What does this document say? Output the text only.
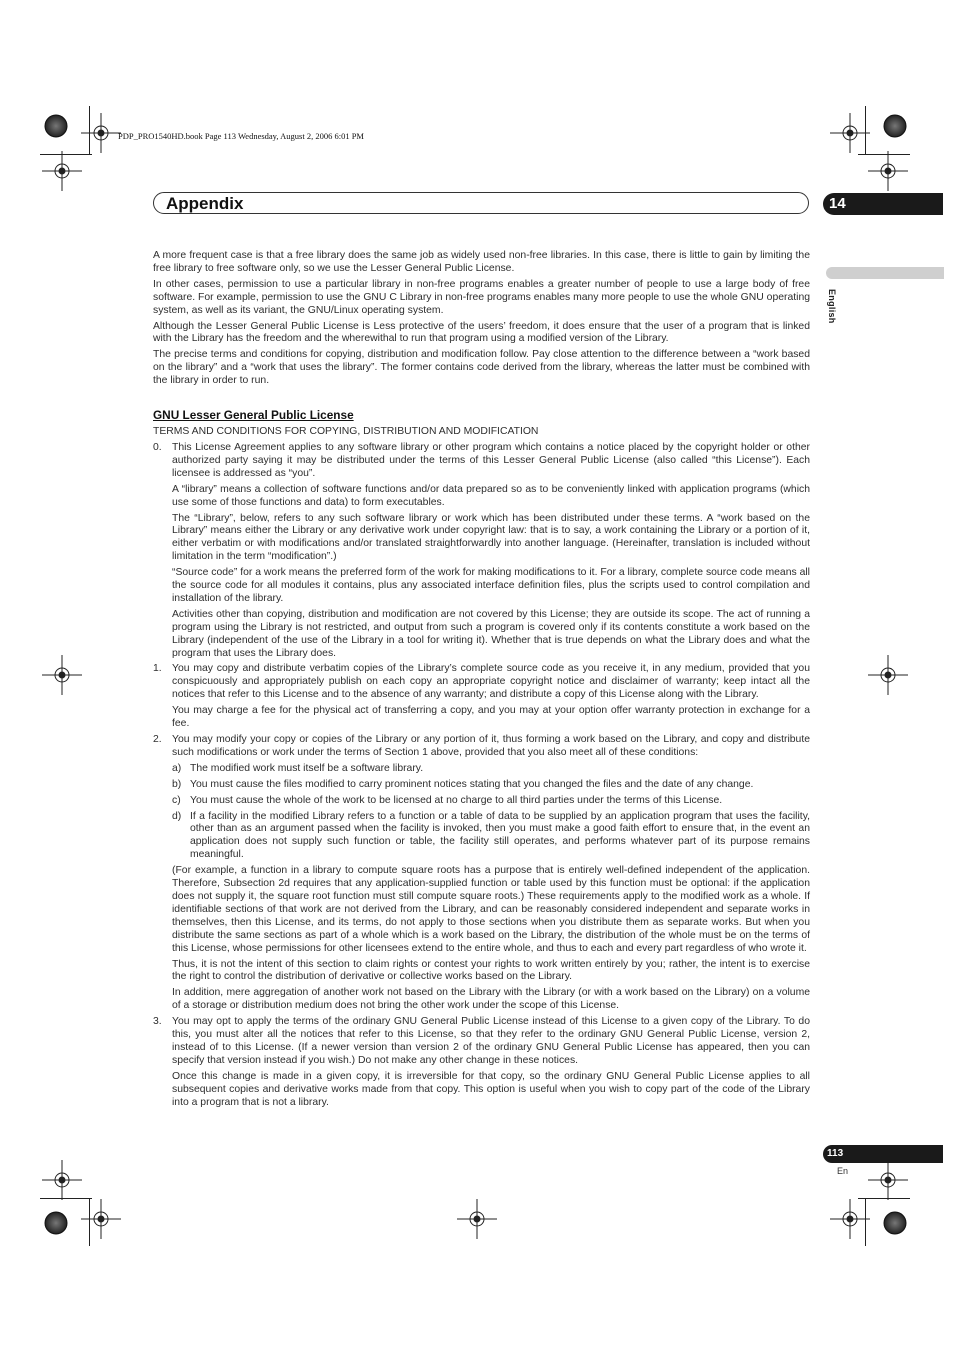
PDP_PRO1540HD.book Page 113 Wednesday, August 2, 2006 6:01 PM
Appendix	14
English

A more frequent case is that a free library does the same job as widely used non-free libraries. In this case, there is little to gain by limiting the free library to free software only, so we use the Lesser General Public License.

In other cases, permission to use a particular library in non-free programs enables a greater number of people to use a large body of free software. For example, permission to use the GNU C Library in non-free programs enables many more people to use the whole GNU operating system, as well as its variant, the GNU/Linux operating system.

Although the Lesser General Public License is Less protective of the users’ freedom, it does ensure that the user of a program that is linked with the Library has the freedom and the wherewithal to run that program using a modified version of the Library.

The precise terms and conditions for copying, distribution and modification follow. Pay close attention to the difference between a “work based on the library” and a “work that uses the library”. The former contains code derived from the library, whereas the latter must be combined with the library in order to run.

GNU Lesser General Public License

TERMS AND CONDITIONS FOR COPYING, DISTRIBUTION AND MODIFICATION

0. This License Agreement applies to any software library or other program which contains a notice placed by the copyright holder or other authorized party saying it may be distributed under the terms of this Lesser General Public License (also called “this License”). Each licensee is addressed as “you”.

A “library” means a collection of software functions and/or data prepared so as to be conveniently linked with application programs (which use some of those functions and data) to form executables.

The “Library”, below, refers to any such software library or work which has been distributed under these terms. A “work based on the Library” means either the Library or any derivative work under copyright law: that is to say, a work containing the Library or a portion of it, either verbatim or with modifications and/or translated straightforwardly into another language. (Hereinafter, translation is included without limitation in the term “modification”.)

“Source code” for a work means the preferred form of the work for making modifications to it. For a library, complete source code means all the source code for all modules it contains, plus any associated interface definition files, plus the scripts used to control compilation and installation of the library.

Activities other than copying, distribution and modification are not covered by this License; they are outside its scope. The act of running a program using the Library is not restricted, and output from such a program is covered only if its contents constitute a work based on the Library (independent of the use of the Library in a tool for writing it). Whether that is true depends on what the Library does and what the program that uses the Library does.

1. You may copy and distribute verbatim copies of the Library’s complete source code as you receive it, in any medium, provided that you conspicuously and appropriately publish on each copy an appropriate copyright notice and disclaimer of warranty; keep intact all the notices that refer to this License and to the absence of any warranty; and distribute a copy of this License along with the Library.

You may charge a fee for the physical act of transferring a copy, and you may at your option offer warranty protection in exchange for a fee.

2. You may modify your copy or copies of the Library or any portion of it, thus forming a work based on the Library, and copy and distribute such modifications or work under the terms of Section 1 above, provided that you also meet all of these conditions:

a) The modified work must itself be a software library.
b) You must cause the files modified to carry prominent notices stating that you changed the files and the date of any change.
c) You must cause the whole of the work to be licensed at no charge to all third parties under the terms of this License.
d) If a facility in the modified Library refers to a function or a table of data to be supplied by an application program that uses the facility, other than as an argument passed when the facility is invoked, then you must make a good faith effort to ensure that, in the event an application does not supply such function or table, the facility still operates, and performs whatever part of its purpose remains meaningful.

(For example, a function in a library to compute square roots has a purpose that is entirely well-defined independent of the application. Therefore, Subsection 2d requires that any application-supplied function or table used by this function must be optional: if the application does not supply it, the square root function must still compute square roots.) These requirements apply to the modified work as a whole. If identifiable sections of that work are not derived from the Library, and can be reasonably considered independent and separate works in themselves, then this License, and its terms, do not apply to those sections when you distribute them as separate works. But when you distribute the same sections as part of a whole which is a work based on the Library, the distribution of the whole must be on the terms of this License, whose permissions for other licensees extend to the entire whole, and thus to each and every part regardless of who wrote it.

Thus, it is not the intent of this section to claim rights or contest your rights to work written entirely by you; rather, the intent is to exercise the right to control the distribution of derivative or collective works based on the Library.

In addition, mere aggregation of another work not based on the Library with the Library (or with a work based on the Library) on a volume of a storage or distribution medium does not bring the other work under the scope of this License.

3. You may opt to apply the terms of the ordinary GNU General Public License instead of this License to a given copy of the Library. To do this, you must alter all the notices that refer to this License, so that they refer to the ordinary GNU General Public License, version 2, instead of to this License. (If a newer version than version 2 of the ordinary GNU General Public License has appeared, then you can specify that version instead if you wish.) Do not make any other change in these notices.

Once this change is made in a given copy, it is irreversible for that copy, so the ordinary GNU General Public License applies to all subsequent copies and derivative works made from that copy. This option is useful when you wish to copy part of the code of the Library into a program that is not a library.

113
En
